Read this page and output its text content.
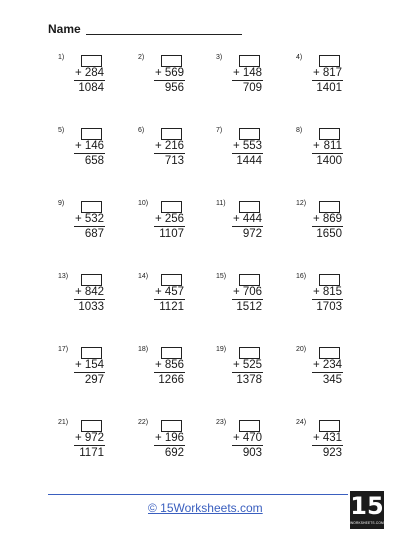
Name
1)
+ 284
1084
2)
+ 569
956
3)
+ 148
709
4)
+ 817
1401
5)
+ 146
658
6)
+ 216
713
7)
+ 553
1444
8)
+ 811
1400
9)
+ 532
687
10)
+ 256
1107
11)
+ 444
972
12)
+ 869
1650
13)
+ 842
1033
14)
+ 457
1121
15)
+ 706
1512
16)
+ 815
1703
17)
+ 154
297
18)
+ 856
1266
19)
+ 525
1378
20)
+ 234
345
21)
+ 972
1171
22)
+ 196
692
23)
+ 470
903
24)
+ 431
923
© 15Worksheets.com	15
WORKSHEETS.COM
